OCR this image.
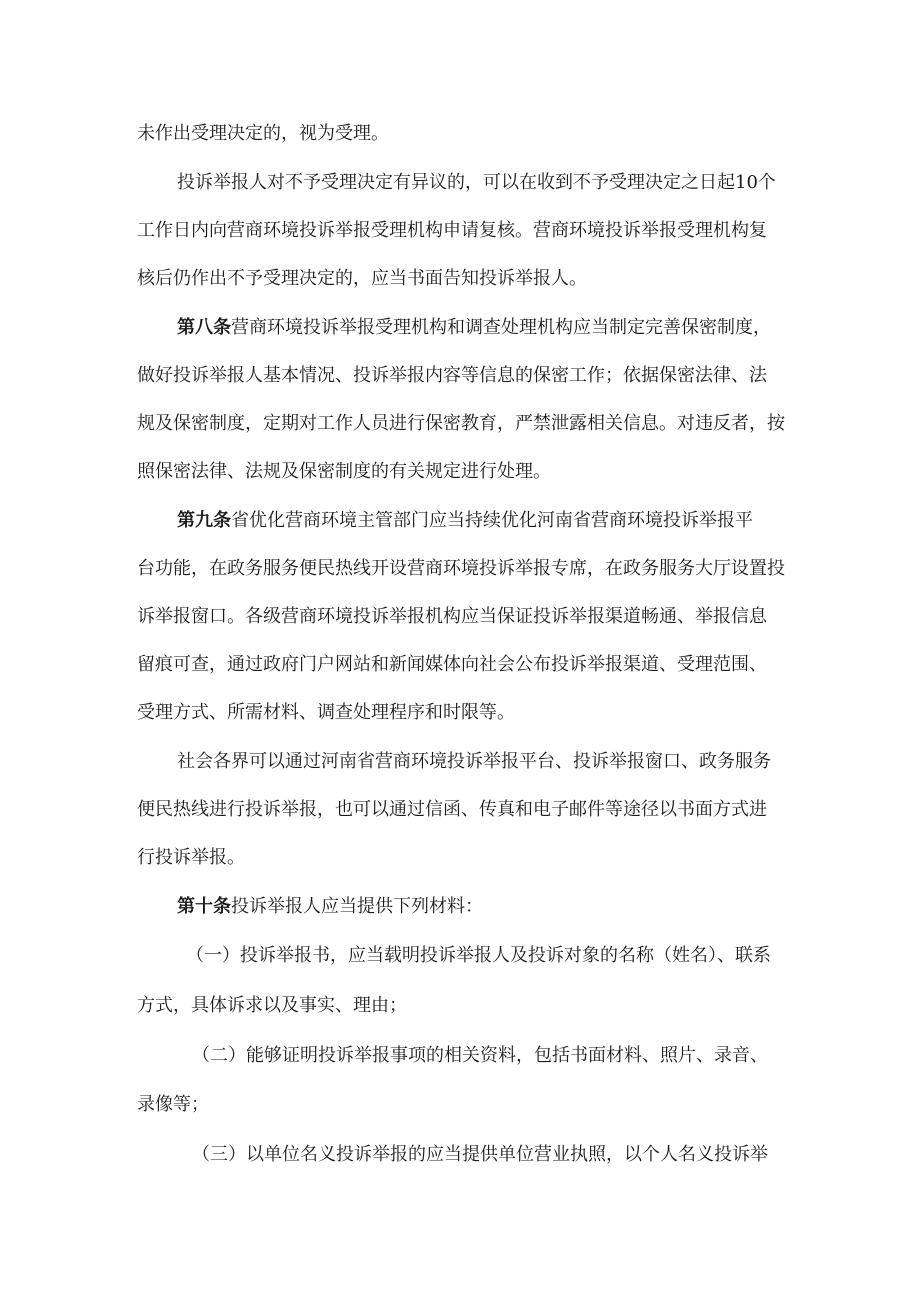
未作出受理决定的，视为受理。
投诉举报人对不予受理决定有异议的，可以在收到不予受理决定之日起10个
工作日内向营商环境投诉举报受理机构申请复核。营商环境投诉举报受理机构复
核后仍作出不予受理决定的，应当书面告知投诉举报人。
第八条营商环境投诉举报受理机构和调查处理机构应当制定完善保密制度，
做好投诉举报人基本情况、投诉举报内容等信息的保密工作；依据保密法律、法
规及保密制度，定期对工作人员进行保密教育，严禁泄露相关信息。对违反者，按
照保密法律、法规及保密制度的有关规定进行处理。
第九条省优化营商环境主管部门应当持续优化河南省营商环境投诉举报平
台功能，在政务服务便民热线开设营商环境投诉举报专席，在政务服务大厅设置投
诉举报窗口。各级营商环境投诉举报机构应当保证投诉举报渠道畅通、举报信息
留痕可查，通过政府门户网站和新闻媒体向社会公布投诉举报渠道、受理范围、
受理方式、所需材料、调查处理程序和时限等。
社会各界可以通过河南省营商环境投诉举报平台、投诉举报窗口、政务服务
便民热线进行投诉举报，也可以通过信函、传真和电子邮件等途径以书面方式进
行投诉举报。
第十条投诉举报人应当提供下列材料：
（一）投诉举报书，应当载明投诉举报人及投诉对象的名称（姓名）、联系
方式，具体诉求以及事实、理由；
（二）能够证明投诉举报事项的相关资料，包括书面材料、照片、录音、
录像等；
（三）以单位名义投诉举报的应当提供单位营业执照，以个人名义投诉举
